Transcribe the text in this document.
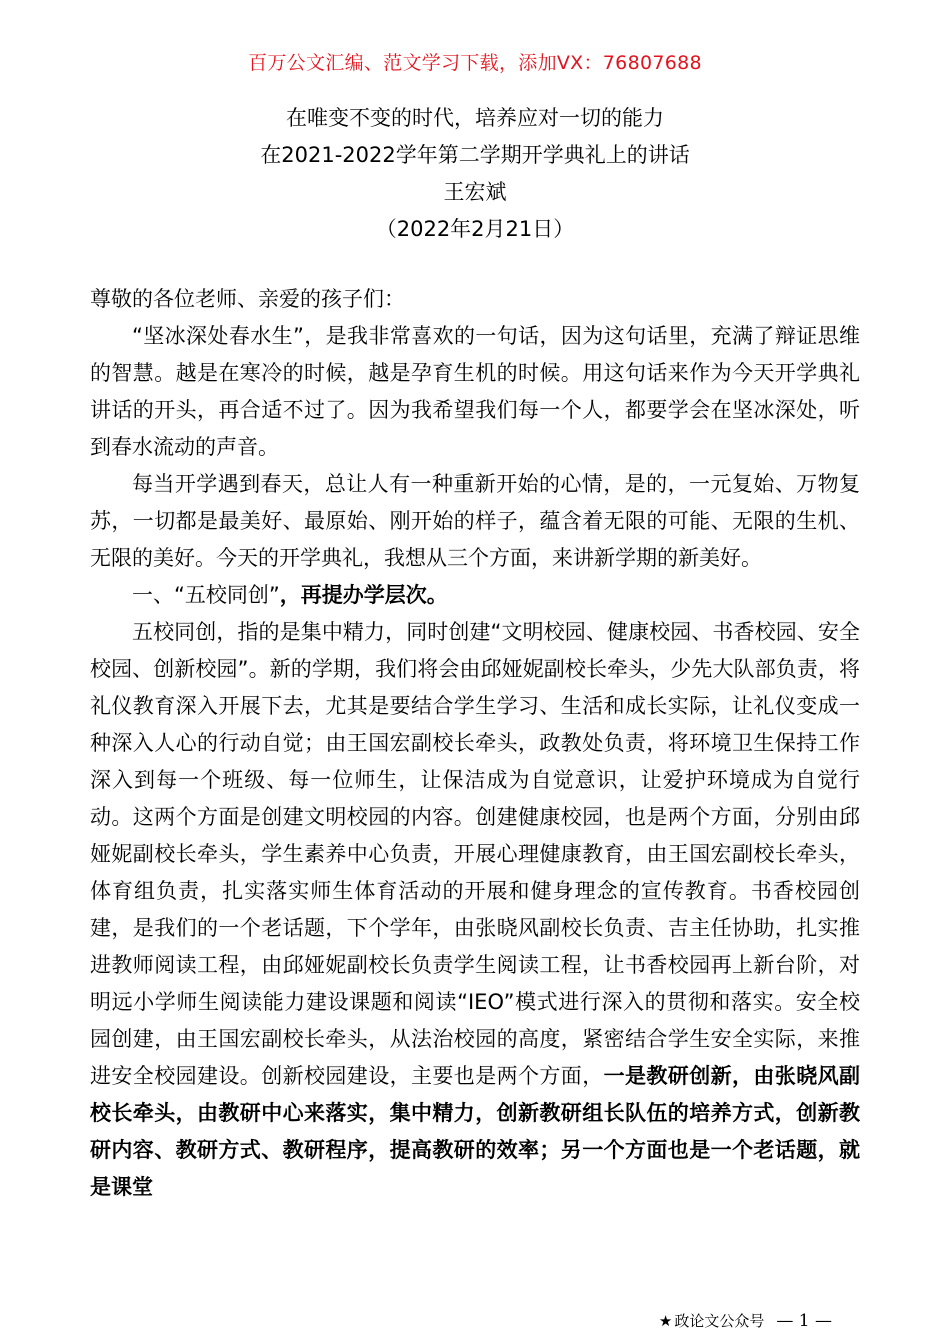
百万公文汇编、范文学习下载，添加VX：76807688
在唯变不变的时代，培养应对一切的能力
在2021-2022学年第二学期开学典礼上的讲话
王宏斌
（2022年2月21日）

尊敬的各位老师、亲爱的孩子们：

“坚冰深处春水生”，是我非常喜欢的一句话，因为这句话里，充满了辩证思维的智慧。越是在寒冷的时候，越是孕育生机的时候。用这句话来作为今天开学典礼讲话的开头，再合适不过了。因为我希望我们每一个人，都要学会在坚冰深处，听到春水流动的声音。

每当开学遇到春天，总让人有一种重新开始的心情，是的，一元复始、万物复苏，一切都是最美好、最原始、刚开始的样子，蕴含着无限的可能、无限的生机、无限的美好。今天的开学典礼，我想从三个方面，来讲新学期的新美好。

一、“五校同创”，再提办学层次。

五校同创，指的是集中精力，同时创建“文明校园、健康校园、书香校园、安全校园、创新校园”。新的学期，我们将会由邱娅妮副校长牵头，少先大队部负责，将礼仪教育深入开展下去，尤其是要结合学生学习、生活和成长实际，让礼仪变成一种深入人心的行动自觉；由王国宏副校长牵头，政教处负责，将环境卫生保持工作深入到每一个班级、每一位师生，让保洁成为自觉意识，让爱护环境成为自觉行动。这两个方面是创建文明校园的内容。创建健康校园，也是两个方面，分别由邱娅妮副校长牵头，学生素养中心负责，开展心理健康教育，由王国宏副校长牵头，体育组负责，扎实落实师生体育活动的开展和健身理念的宣传教育。书香校园创建，是我们的一个老话题，下个学年，由张晓风副校长负责、吉主任协助，扎实推进教师阅读工程，由邱娅妮副校长负责学生阅读工程，让书香校园再上新台阶，对明远小学师生阅读能力建设课题和阅读“IEO”模式进行深入的贯彻和落实。安全校园创建，由王国宏副校长牵头，从法治校园的高度，紧密结合学生安全实际，来推进安全校园建设。创新校园建设，主要也是两个方面，一是教研创新，由张晓风副校长牵头，由教研中心来落实，集中精力，创新教研组长队伍的培养方式，创新教研内容、教研方式、教研程序，提高教研的效率；另一个方面也是一个老话题，就是课堂

★ 政论文公众号 — 1 —
